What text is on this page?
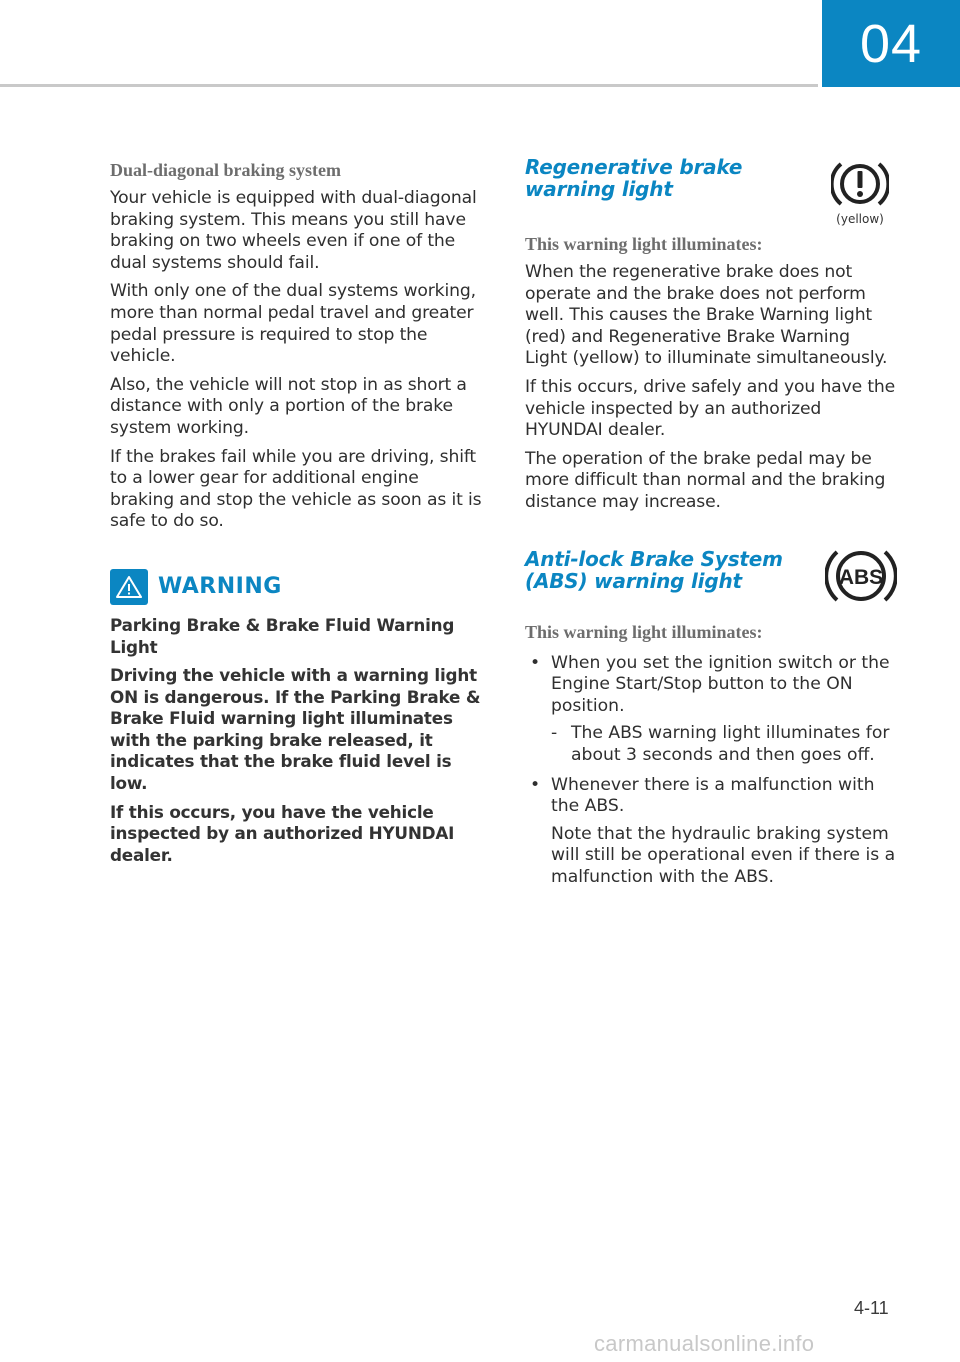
04
Dual-diagonal braking system

Your vehicle is equipped with dual-diagonal braking system. This means you still have braking on two wheels even if one of the dual systems should fail.

With only one of the dual systems working, more than normal pedal travel and greater pedal pressure is required to stop the vehicle.

Also, the vehicle will not stop in as short a distance with only a portion of the brake system working.

If the brakes fail while you are driving, shift to a lower gear for additional engine braking and stop the vehicle as soon as it is safe to do so.

WARNING

Parking Brake & Brake Fluid Warning Light

Driving the vehicle with a warning light ON is dangerous. If the Parking Brake & Brake Fluid warning light illuminates with the parking brake released, it indicates that the brake fluid level is low.

If this occurs, you have the vehicle inspected by an authorized HYUNDAI dealer.

Regenerative brake warning light
(yellow)
This warning light illuminates:

When the regenerative brake does not operate and the brake does not perform well. This causes the Brake Warning light (red) and Regenerative Brake Warning Light (yellow) to illuminate simultaneously.

If this occurs, drive safely and you have the vehicle inspected by an authorized HYUNDAI dealer.

The operation of the brake pedal may be more difficult than normal and the braking distance may increase.

Anti-lock Brake System (ABS) warning light	ABS
This warning light illuminates:
• When you set the ignition switch or the Engine Start/Stop button to the ON position.
- The ABS warning light illuminates for about 3 seconds and then goes off.
• Whenever there is a malfunction with the ABS.
Note that the hydraulic braking system will still be operational even if there is a malfunction with the ABS.
4-11
carmanualsonline.info
